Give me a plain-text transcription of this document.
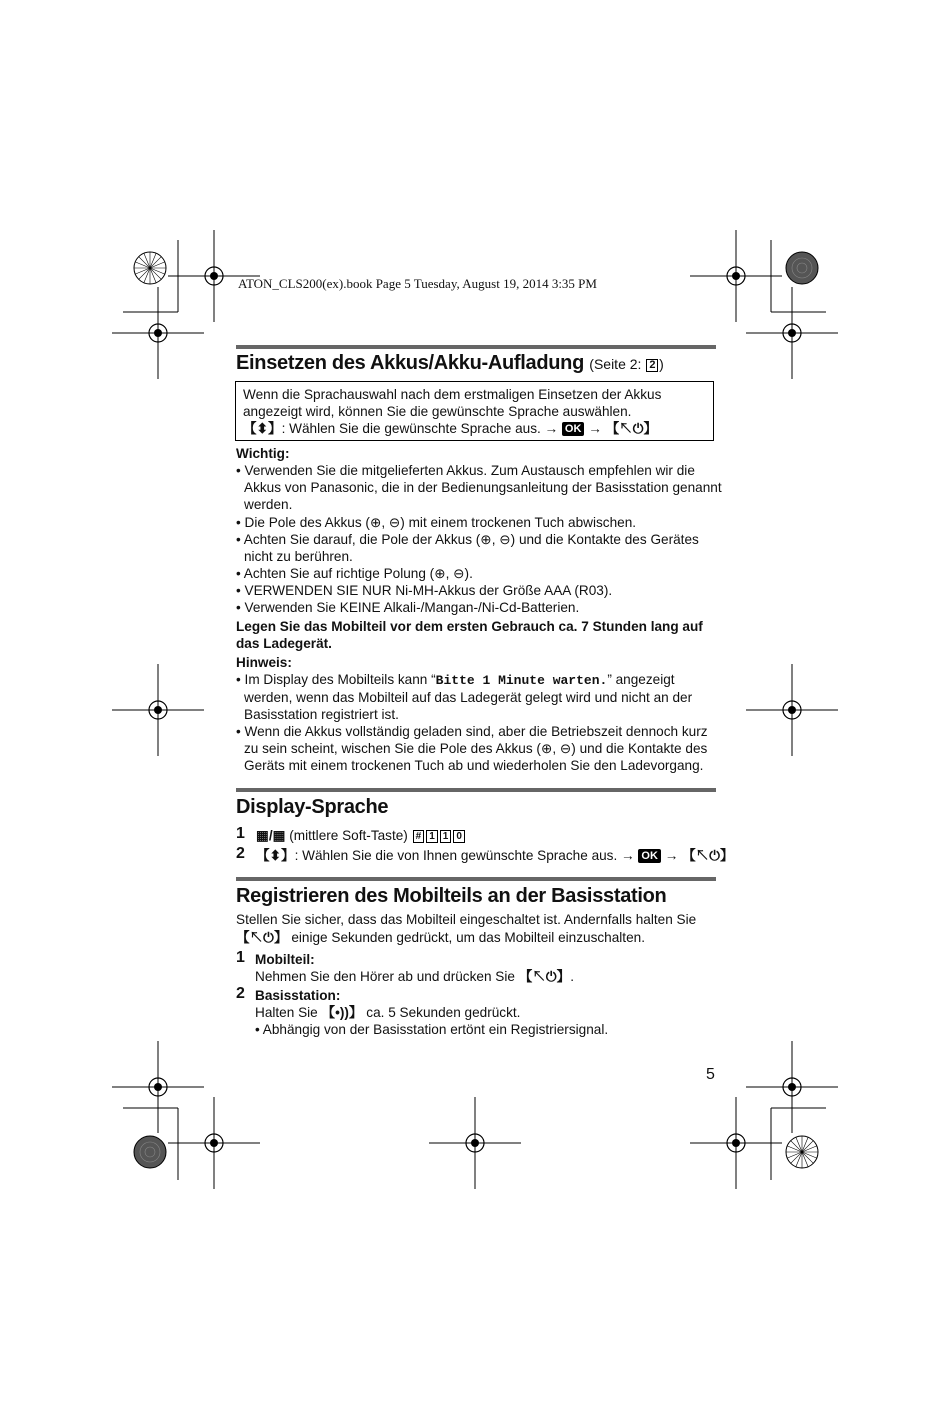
ATON_CLS200(ex).book Page 5 Tuesday, August 19, 2014 3:35 PM
Einsetzen des Akkus/Akku-Aufladung (Seite 2: 2 )
Wenn die Sprachauswahl nach dem erstmaligen Einsetzen der Akkus
angezeigt wird, können Sie die gewünschte Sprache auswählen.
【⬍】: Wählen Sie die gewünschte Sprache aus. → OK → 【↖⏻】
Wichtig:
• Verwenden Sie die mitgelieferten Akkus. Zum Austausch empfehlen wir die Akkus von Panasonic, die in der Bedienungsanleitung der Basisstation genannt werden.
• Die Pole des Akkus (⊕, ⊖) mit einem trockenen Tuch abwischen.
• Achten Sie darauf, die Pole der Akkus (⊕, ⊖) und die Kontakte des Gerätes nicht zu berühren.
• Achten Sie auf richtige Polung (⊕, ⊖).
• VERWENDEN SIE NUR Ni-MH-Akkus der Größe AAA (R03).
• Verwenden Sie KEINE Alkali-/Mangan-/Ni-Cd-Batterien.
Legen Sie das Mobilteil vor dem ersten Gebrauch ca. 7 Stunden lang auf das Ladegerät.
Hinweis:
• Im Display des Mobilteils kann “Bitte 1 Minute warten.” angezeigt werden, wenn das Mobilteil auf das Ladegerät gelegt wird und nicht an der Basisstation registriert ist.
• Wenn die Akkus vollständig geladen sind, aber die Betriebszeit dennoch kurz zu sein scheint, wischen Sie die Pole des Akkus (⊕, ⊖) und die Kontakte des Geräts mit einem trockenen Tuch ab und wiederholen Sie den Ladevorgang.
Display-Sprache
1 ▦/▦ (mittlere Soft-Taste) # 1 1 0
2 【⬍】: Wählen Sie die von Ihnen gewünschte Sprache aus. → OK → 【↖⏻】
Registrieren des Mobilteils an der Basisstation
Stellen Sie sicher, dass das Mobilteil eingeschaltet ist. Andernfalls halten Sie
【↖⏻】 einige Sekunden gedrückt, um das Mobilteil einzuschalten.
1 Mobilteil:
Nehmen Sie den Hörer ab und drücken Sie 【↖⏻】.
2 Basisstation:
Halten Sie 【•))】 ca. 5 Sekunden gedrückt.
• Abhängig von der Basisstation ertönt ein Registriersignal.
5
